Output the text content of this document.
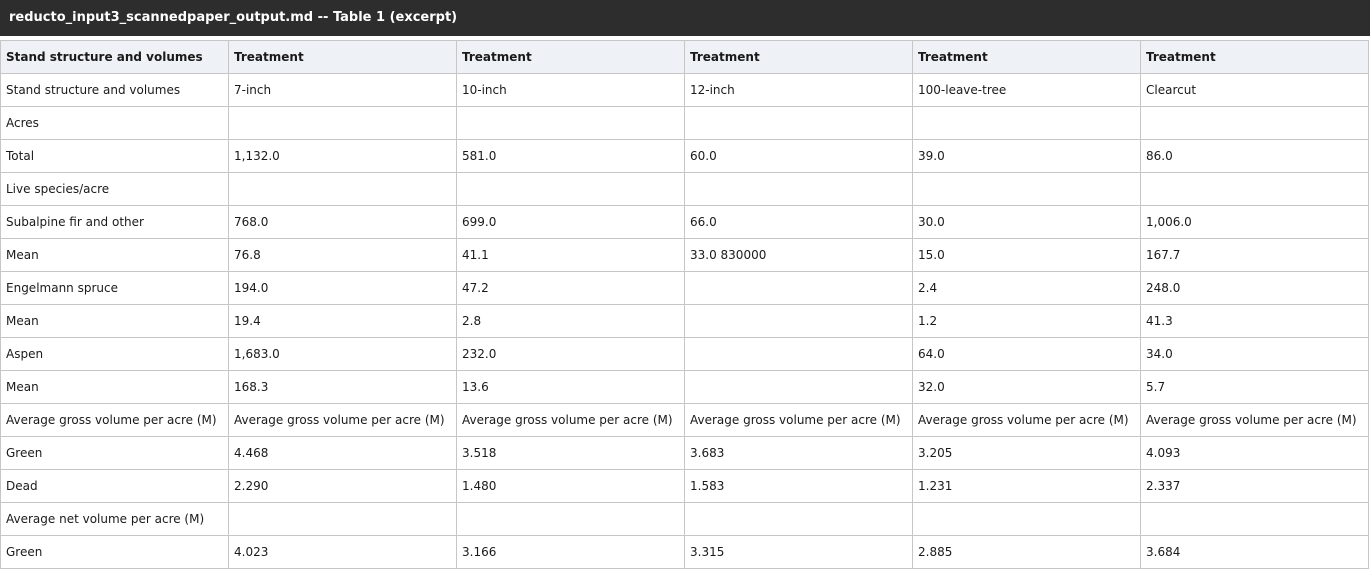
reducto_input3_scannedpaper_output.md -- Table 1 (excerpt)
Stand structure and volumes	Treatment	Treatment	Treatment	Treatment	Treatment
Stand structure and volumes	7-inch	10-inch	12-inch	100-leave-tree	Clearcut
Acres					
Total	1,132.0	581.0	60.0	39.0	86.0
Live species/acre					
Subalpine fir and other	768.0	699.0	66.0	30.0	1,006.0
Mean	76.8	41.1	33.0 830000	15.0	167.7
Engelmann spruce	194.0	47.2		2.4	248.0
Mean	19.4	2.8		1.2	41.3
Aspen	1,683.0	232.0		64.0	34.0
Mean	168.3	13.6		32.0	5.7
Average gross volume per acre (M)	Average gross volume per acre (M)	Average gross volume per acre (M)	Average gross volume per acre (M)	Average gross volume per acre (M)	Average gross volume per acre (M)
Green	4.468	3.518	3.683	3.205	4.093
Dead	2.290	1.480	1.583	1.231	2.337
Average net volume per acre (M)					
Green	4.023	3.166	3.315	2.885	3.684
